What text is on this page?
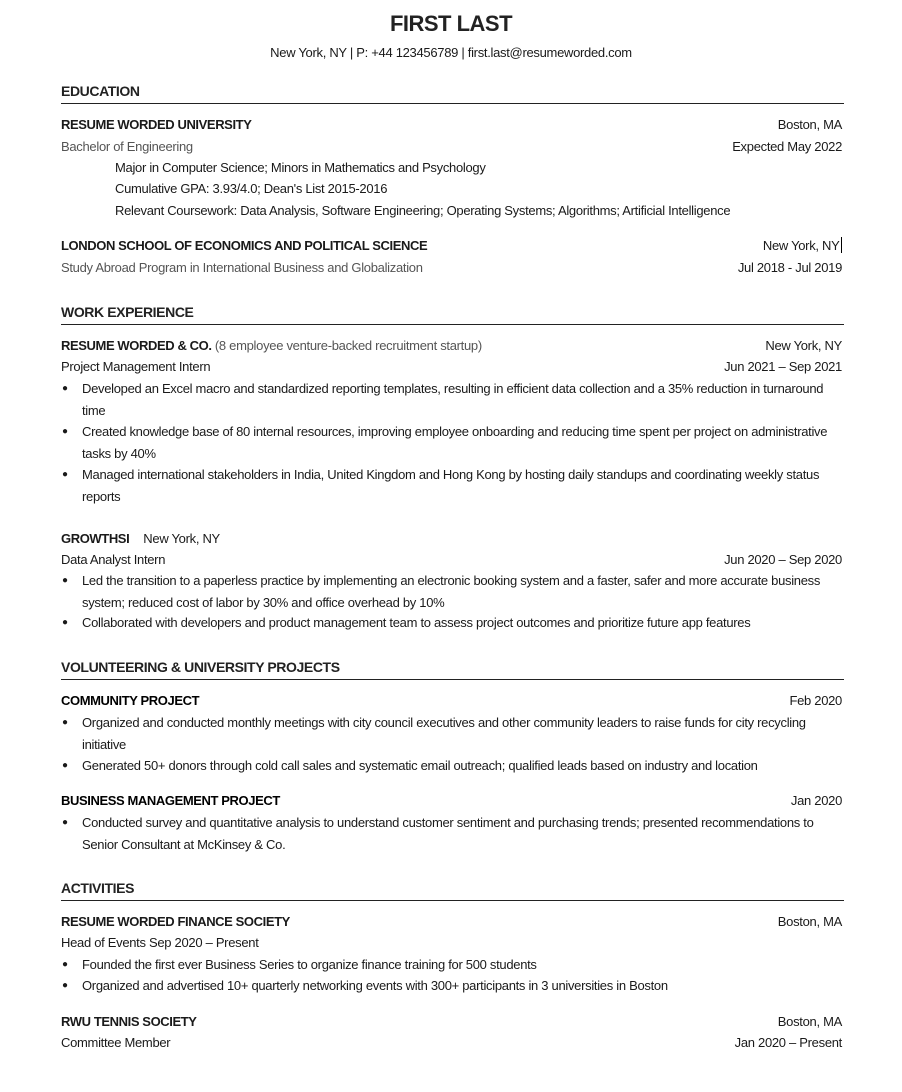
FIRST LAST
New York, NY | P: +44 123456789 | first.last@resumeworded.com
EDUCATION
RESUME WORDED UNIVERSITY	Boston, MA
Bachelor of Engineering	Expected May 2022
Major in Computer Science; Minors in Mathematics and Psychology
Cumulative GPA: 3.93/4.0; Dean's List 2015-2016
Relevant Coursework: Data Analysis, Software Engineering; Operating Systems; Algorithms; Artificial Intelligence
LONDON SCHOOL OF ECONOMICS AND POLITICAL SCIENCE	New York, NY
Study Abroad Program in International Business and Globalization	Jul 2018 - Jul 2019
WORK EXPERIENCE
RESUME WORDED & CO. (8 employee venture-backed recruitment startup)	New York, NY
Project Management Intern	Jun 2021 – Sep 2021
● Developed an Excel macro and standardized reporting templates, resulting in efficient data collection and a 35% reduction in turnaround time
● Created knowledge base of 80 internal resources, improving employee onboarding and reducing time spent per project on administrative tasks by 40%
● Managed international stakeholders in India, United Kingdom and Hong Kong by hosting daily standups and coordinating weekly status reports
GROWTHSI New York, NY
Data Analyst Intern	Jun 2020 – Sep 2020
● Led the transition to a paperless practice by implementing an electronic booking system and a faster, safer and more accurate business system; reduced cost of labor by 30% and office overhead by 10%
● Collaborated with developers and product management team to assess project outcomes and prioritize future app features
VOLUNTEERING & UNIVERSITY PROJECTS
COMMUNITY PROJECT	Feb 2020
● Organized and conducted monthly meetings with city council executives and other community leaders to raise funds for city recycling initiative
● Generated 50+ donors through cold call sales and systematic email outreach; qualified leads based on industry and location
BUSINESS MANAGEMENT PROJECT	Jan 2020
● Conducted survey and quantitative analysis to understand customer sentiment and purchasing trends; presented recommendations to Senior Consultant at McKinsey & Co.
ACTIVITIES
RESUME WORDED FINANCE SOCIETY	Boston, MA
Head of Events Sep 2020 – Present
● Founded the first ever Business Series to organize finance training for 500 students
● Organized and advertised 10+ quarterly networking events with 300+ participants in 3 universities in Boston
RWU TENNIS SOCIETY	Boston, MA
Committee Member	Jan 2020 – Present
